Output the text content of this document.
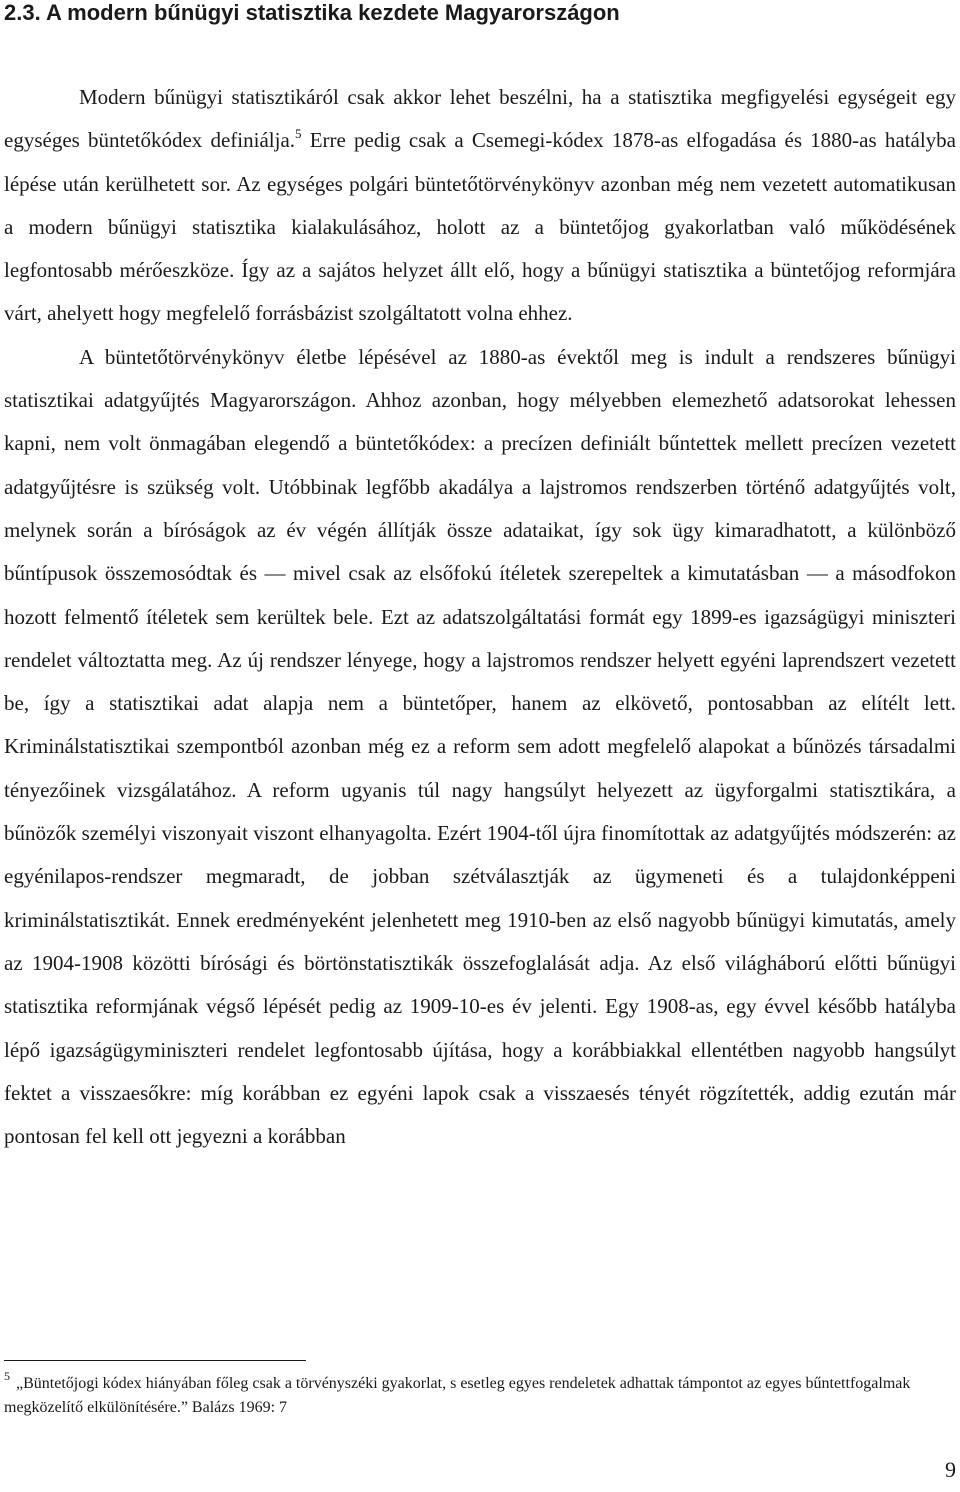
2.3. A modern bűnügyi statisztika kezdete Magyarországon

Modern bűnügyi statisztikáról csak akkor lehet beszélni, ha a statisztika megfigyelési egységeit egy egységes büntetőkódex definiálja.$^5$ Erre pedig csak a Csemegi-kódex 1878-as elfogadása és 1880-as hatályba lépése után kerülhetett sor. Az egységes polgári büntetőtörvénykönyv azonban még nem vezetett automatikusan a modern bűnügyi statisztika kialakulásához, holott az a büntetőjog gyakorlatban való működésének legfontosabb mérőeszköze. Így az a sajátos helyzet állt elő, hogy a bűnügyi statisztika a büntetőjog reformjára várt, ahelyett hogy megfelelő forrásbázist szolgáltatott volna ehhez.

A büntetőtörvénykönyv életbe lépésével az 1880-as évektől meg is indult a rendszeres bűnügyi statisztikai adatgyűjtés Magyarországon. Ahhoz azonban, hogy mélyebben elemezhető adatsorokat lehessen kapni, nem volt önmagában elegendő a büntetőkódex: a precízen definiált bűntettek mellett precízen vezetett adatgyűjtésre is szükség volt. Utóbbinak legfőbb akadálya a lajstromos rendszerben történő adatgyűjtés volt, melynek során a bíróságok az év végén állítják össze adataikat, így sok ügy kimaradhatott, a különböző bűntípusok összemosódtak és — mivel csak az elsőfokú ítéletek szerepeltek a kimutatásban — a másodfokon hozott felmentő ítéletek sem kerültek bele. Ezt az adatszolgáltatási formát egy 1899-es igazságügyi miniszteri rendelet változtatta meg. Az új rendszer lényege, hogy a lajstromos rendszer helyett egyéni laprendszert vezetett be, így a statisztikai adat alapja nem a büntetőper, hanem az elkövető, pontosabban az elítélt lett. Kriminálstatisztikai szempontból azonban még ez a reform sem adott megfelelő alapokat a bűnözés társadalmi tényezőinek vizsgálatához. A reform ugyanis túl nagy hangsúlyt helyezett az ügyforgalmi statisztikára, a bűnözők személyi viszonyait viszont elhanyagolta. Ezért 1904-től újra finomítottak az adatgyűjtés módszerén: az egyénilapos-rendszer megmaradt, de jobban szétválasztják az ügymeneti és a tulajdonképpeni kriminálstatisztikát. Ennek eredményeként jelenhetett meg 1910-ben az első nagyobb bűnügyi kimutatás, amely az 1904-1908 közötti bírósági és börtönstatisztikák összefoglalását adja. Az első világháború előtti bűnügyi statisztika reformjának végső lépését pedig az 1909-10-es év jelenti. Egy 1908-as, egy évvel később hatályba lépő igazságügyminiszteri rendelet legfontosabb újítása, hogy a korábbiakkal ellentétben nagyobb hangsúlyt fektet a visszaesőkre: míg korábban ez egyéni lapok csak a visszaesés tényét rögzítették, addig ezután már pontosan fel kell ott jegyezni a korábban

$^5$ „Büntetőjogi kódex hiányában főleg csak a törvényszéki gyakorlat, s esetleg egyes rendeletek adhattak támpontot az egyes bűntettfogalmak megközelítő elkülönítésére.” Balázs 1969: 7

9
